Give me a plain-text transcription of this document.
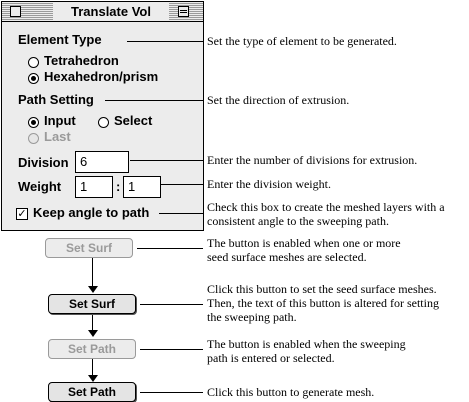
Translate Vol
Element Type
Tetrahedron
Hexahedron/prism
Path Setting
Input	Select
Last
Division 6
Weight	1	: 1
✓ Keep angle to path
Set Surf
Set Surf
Set Path
Set Path
Set the type of element to be generated.
Set the direction of extrusion.
Enter the number of divisions for extrusion.
Enter the division weight.
Check this box to create the meshed layers with a
consistent angle to the sweeping path.
The button is enabled when one or more
seed surface meshes are selected.
Click this button to set the seed surface meshes.
Then, the text of this button is altered for setting
the sweeping path.
The button is enabled when the sweeping
path is entered or selected.
Click this button to generate mesh.
